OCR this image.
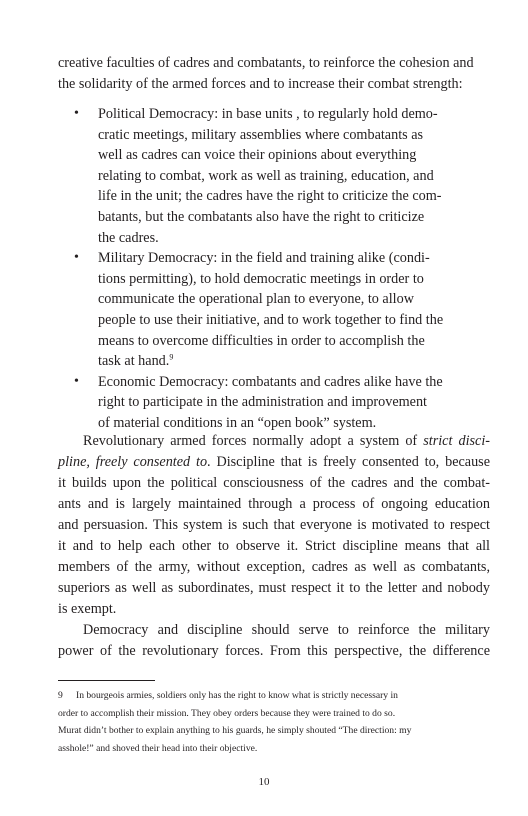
creative faculties of cadres and combatants, to reinforce the cohesion and
the solidarity of the armed forces and to increase their combat strength:
• Political Democracy: in base units , to regularly hold demo-
cratic meetings, military assemblies where combatants as
well as cadres can voice their opinions about everything
relating to combat, work as well as training, education, and
life in the unit; the cadres have the right to criticize the com-
batants, but the combatants also have the right to criticize
the cadres.
• Military Democracy: in the field and training alike (condi-
tions permitting), to hold democratic meetings in order to
communicate the operational plan to everyone, to allow
people to use their initiative, and to work together to find the
means to overcome difficulties in order to accomplish the
task at hand.$^9$
• Economic Democracy: combatants and cadres alike have the
right to participate in the administration and improvement
of material conditions in an “open book” system.
Revolutionary armed forces normally adopt a system of strict disci-
pline, freely consented to. Discipline that is freely consented to, because
it builds upon the political consciousness of the cadres and the combat-
ants and is largely maintained through a process of ongoing education
and persuasion. This system is such that everyone is motivated to respect
it and to help each other to observe it. Strict discipline means that all
members of the army, without exception, cadres as well as combatants,
superiors as well as subordinates, must respect it to the letter and nobody
is exempt.
Democracy and discipline should serve to reinforce the military
power of the revolutionary forces. From this perspective, the difference
9 In bourgeois armies, soldiers only has the right to know what is strictly necessary in
order to accomplish their mission. They obey orders because they were trained to do so.
Murat didn’t bother to explain anything to his guards, he simply shouted “The direction: my
asshole!” and shoved their head into their objective.
10
